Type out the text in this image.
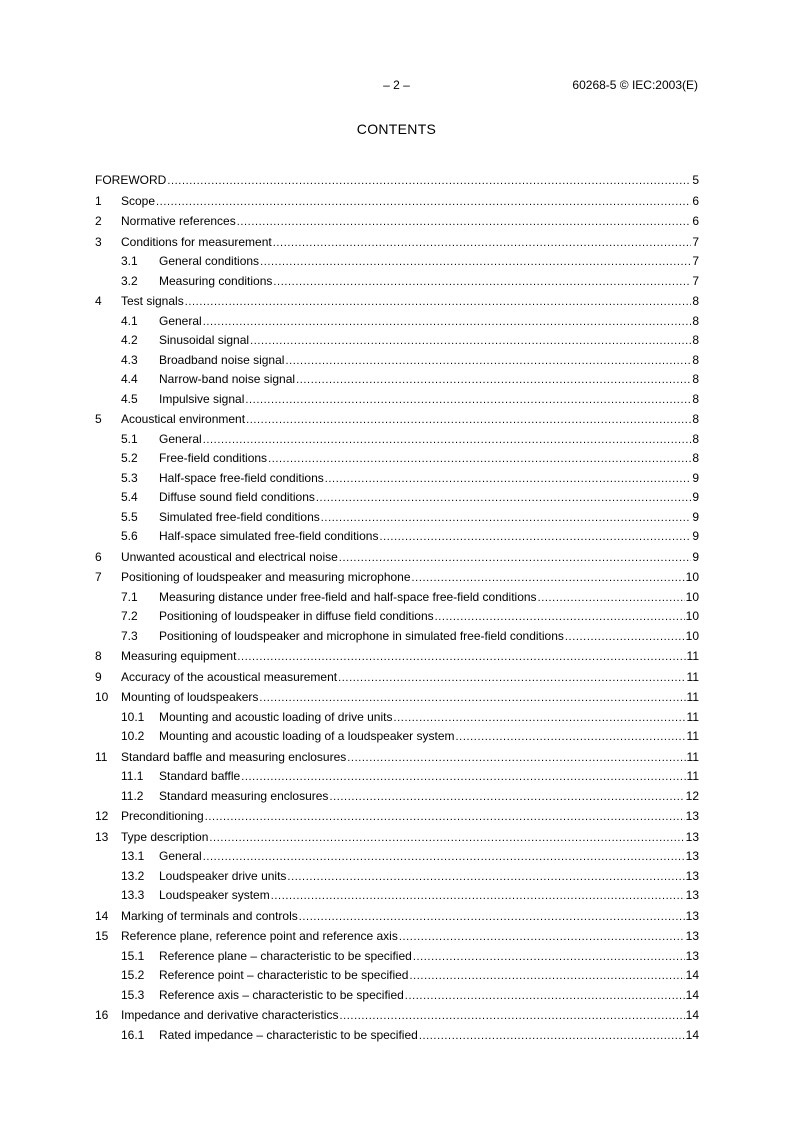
– 2 –	60268-5 © IEC:2003(E)
CONTENTS
FOREWORD .....	5
1	Scope .....	6
2	Normative references .....	6
3	Conditions for measurement .....	7
3.1	General conditions .....	7
3.2	Measuring conditions .....	7
4	Test signals .....	8
4.1	General .....	8
4.2	Sinusoidal signal .....	8
4.3	Broadband noise signal .....	8
4.4	Narrow-band noise signal .....	8
4.5	Impulsive signal .....	8
5	Acoustical environment .....	8
5.1	General .....	8
5.2	Free-field conditions .....	8
5.3	Half-space free-field conditions .....	9
5.4	Diffuse sound field conditions .....	9
5.5	Simulated free-field conditions .....	9
5.6	Half-space simulated free-field conditions .....	9
6	Unwanted acoustical and electrical noise .....	9
7	Positioning of loudspeaker and measuring microphone .....	10
7.1	Measuring distance under free-field and half-space free-field conditions .....	10
7.2	Positioning of loudspeaker in diffuse field conditions .....	10
7.3	Positioning of loudspeaker and microphone in simulated free-field conditions .....	10
8	Measuring equipment .....	11
9	Accuracy of the acoustical measurement .....	11
10	Mounting of loudspeakers .....	11
10.1	Mounting and acoustic loading of drive units .....	11
10.2	Mounting and acoustic loading of a loudspeaker system .....	11
11	Standard baffle and measuring enclosures .....	11
11.1	Standard baffle .....	11
11.2	Standard measuring enclosures .....	12
12	Preconditioning .....	13
13	Type description .....	13
13.1	General .....	13
13.2	Loudspeaker drive units .....	13
13.3	Loudspeaker system .....	13
14	Marking of terminals and controls .....	13
15	Reference plane, reference point and reference axis .....	13
15.1	Reference plane – characteristic to be specified .....	13
15.2	Reference point – characteristic to be specified .....	14
15.3	Reference axis – characteristic to be specified .....	14
16	Impedance and derivative characteristics .....	14
16.1	Rated impedance – characteristic to be specified .....	14
